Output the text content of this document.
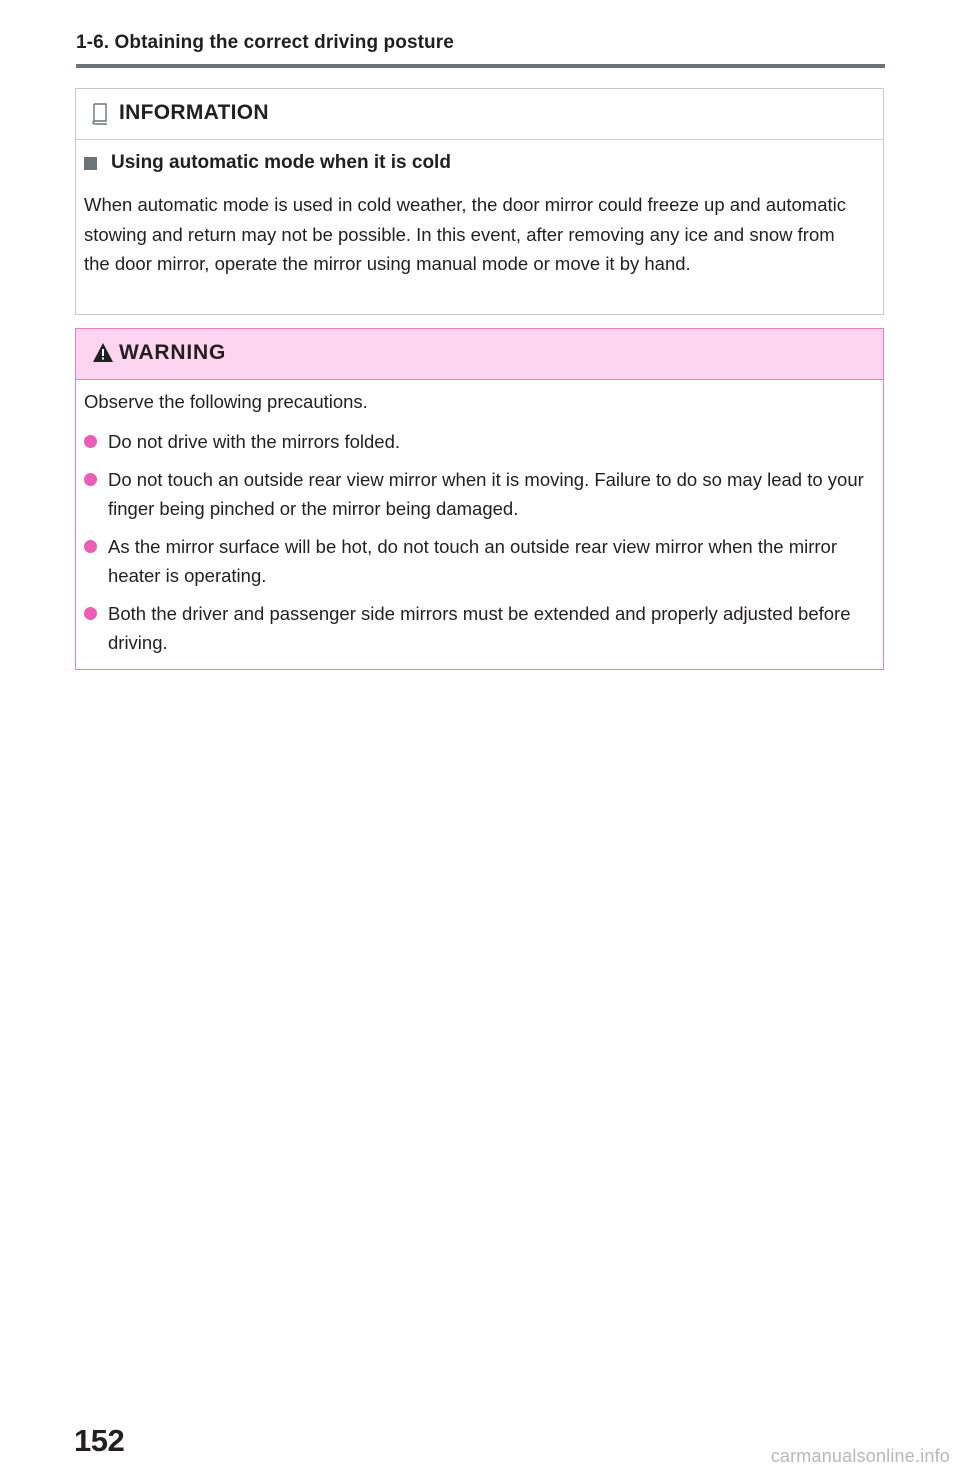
1-6. Obtaining the correct driving posture
INFORMATION
Using automatic mode when it is cold
When automatic mode is used in cold weather, the door mirror could freeze up and automatic stowing and return may not be possible. In this event, after removing any ice and snow from the door mirror, operate the mirror using manual mode or move it by hand.
WARNING
Observe the following precautions.
Do not drive with the mirrors folded.
Do not touch an outside rear view mirror when it is moving. Failure to do so may lead to your finger being pinched or the mirror being damaged.
As the mirror surface will be hot, do not touch an outside rear view mirror when the mirror heater is operating.
Both the driver and passenger side mirrors must be extended and properly adjusted before driving.
152	carmanualsonline.info
